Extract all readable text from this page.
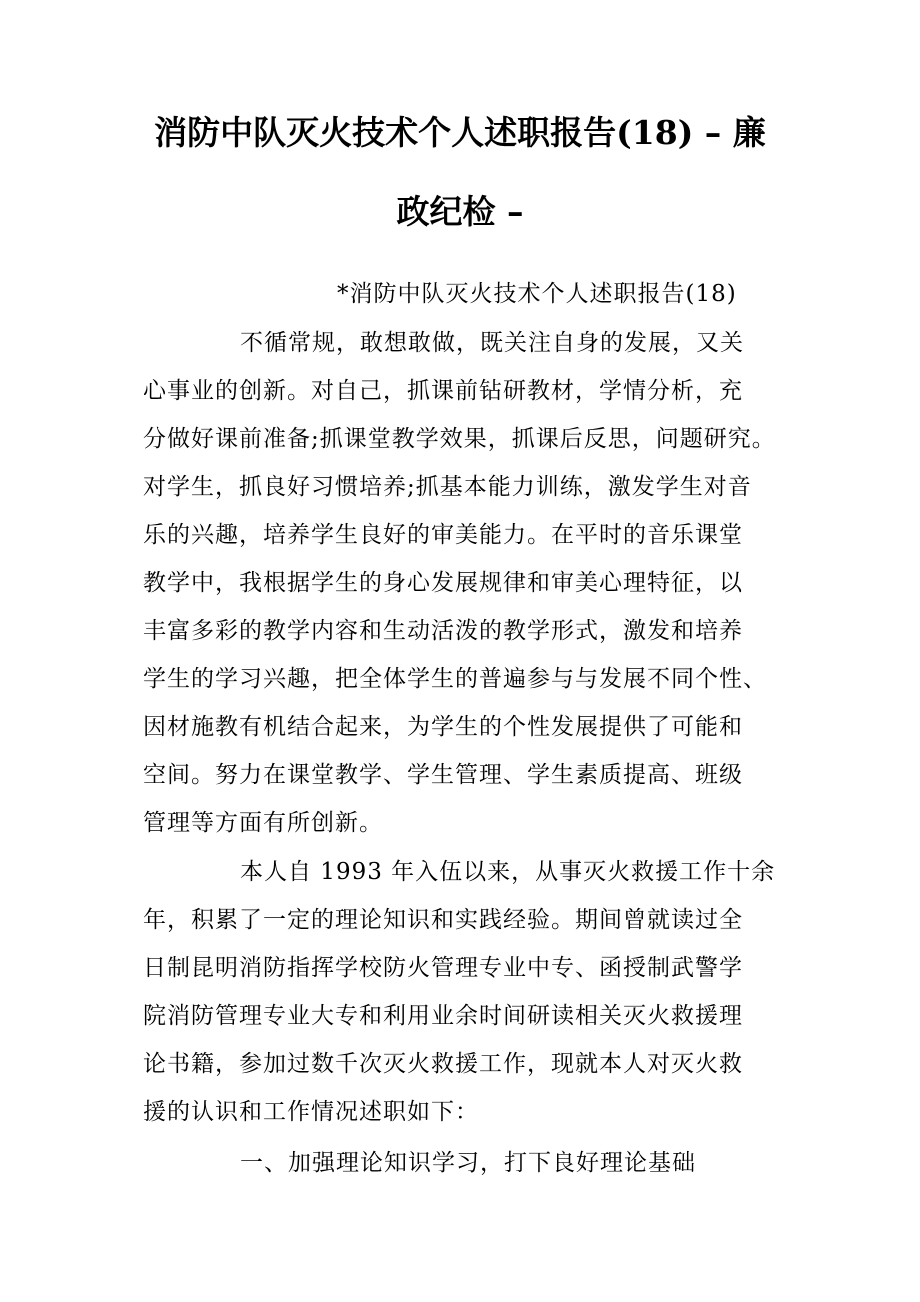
消防中队灭火技术个人述职报告(18) – 廉
政纪检 –
*消防中队灭火技术个人述职报告(18)
不循常规，敢想敢做，既关注自身的发展，又关
心事业的创新。对自己，抓课前钻研教材，学情分析，充
分做好课前准备;抓课堂教学效果，抓课后反思，问题研究。
对学生，抓良好习惯培养;抓基本能力训练，激发学生对音
乐的兴趣，培养学生良好的审美能力。在平时的音乐课堂
教学中，我根据学生的身心发展规律和审美心理特征，以
丰富多彩的教学内容和生动活泼的教学形式，激发和培养
学生的学习兴趣，把全体学生的普遍参与与发展不同个性、
因材施教有机结合起来，为学生的个性发展提供了可能和
空间。努力在课堂教学、学生管理、学生素质提高、班级
管理等方面有所创新。
本人自 1993 年入伍以来，从事灭火救援工作十余
年，积累了一定的理论知识和实践经验。期间曾就读过全
日制昆明消防指挥学校防火管理专业中专、函授制武警学
院消防管理专业大专和利用业余时间研读相关灭火救援理
论书籍，参加过数千次灭火救援工作，现就本人对灭火救
援的认识和工作情况述职如下：
一、加强理论知识学习，打下良好理论基础
